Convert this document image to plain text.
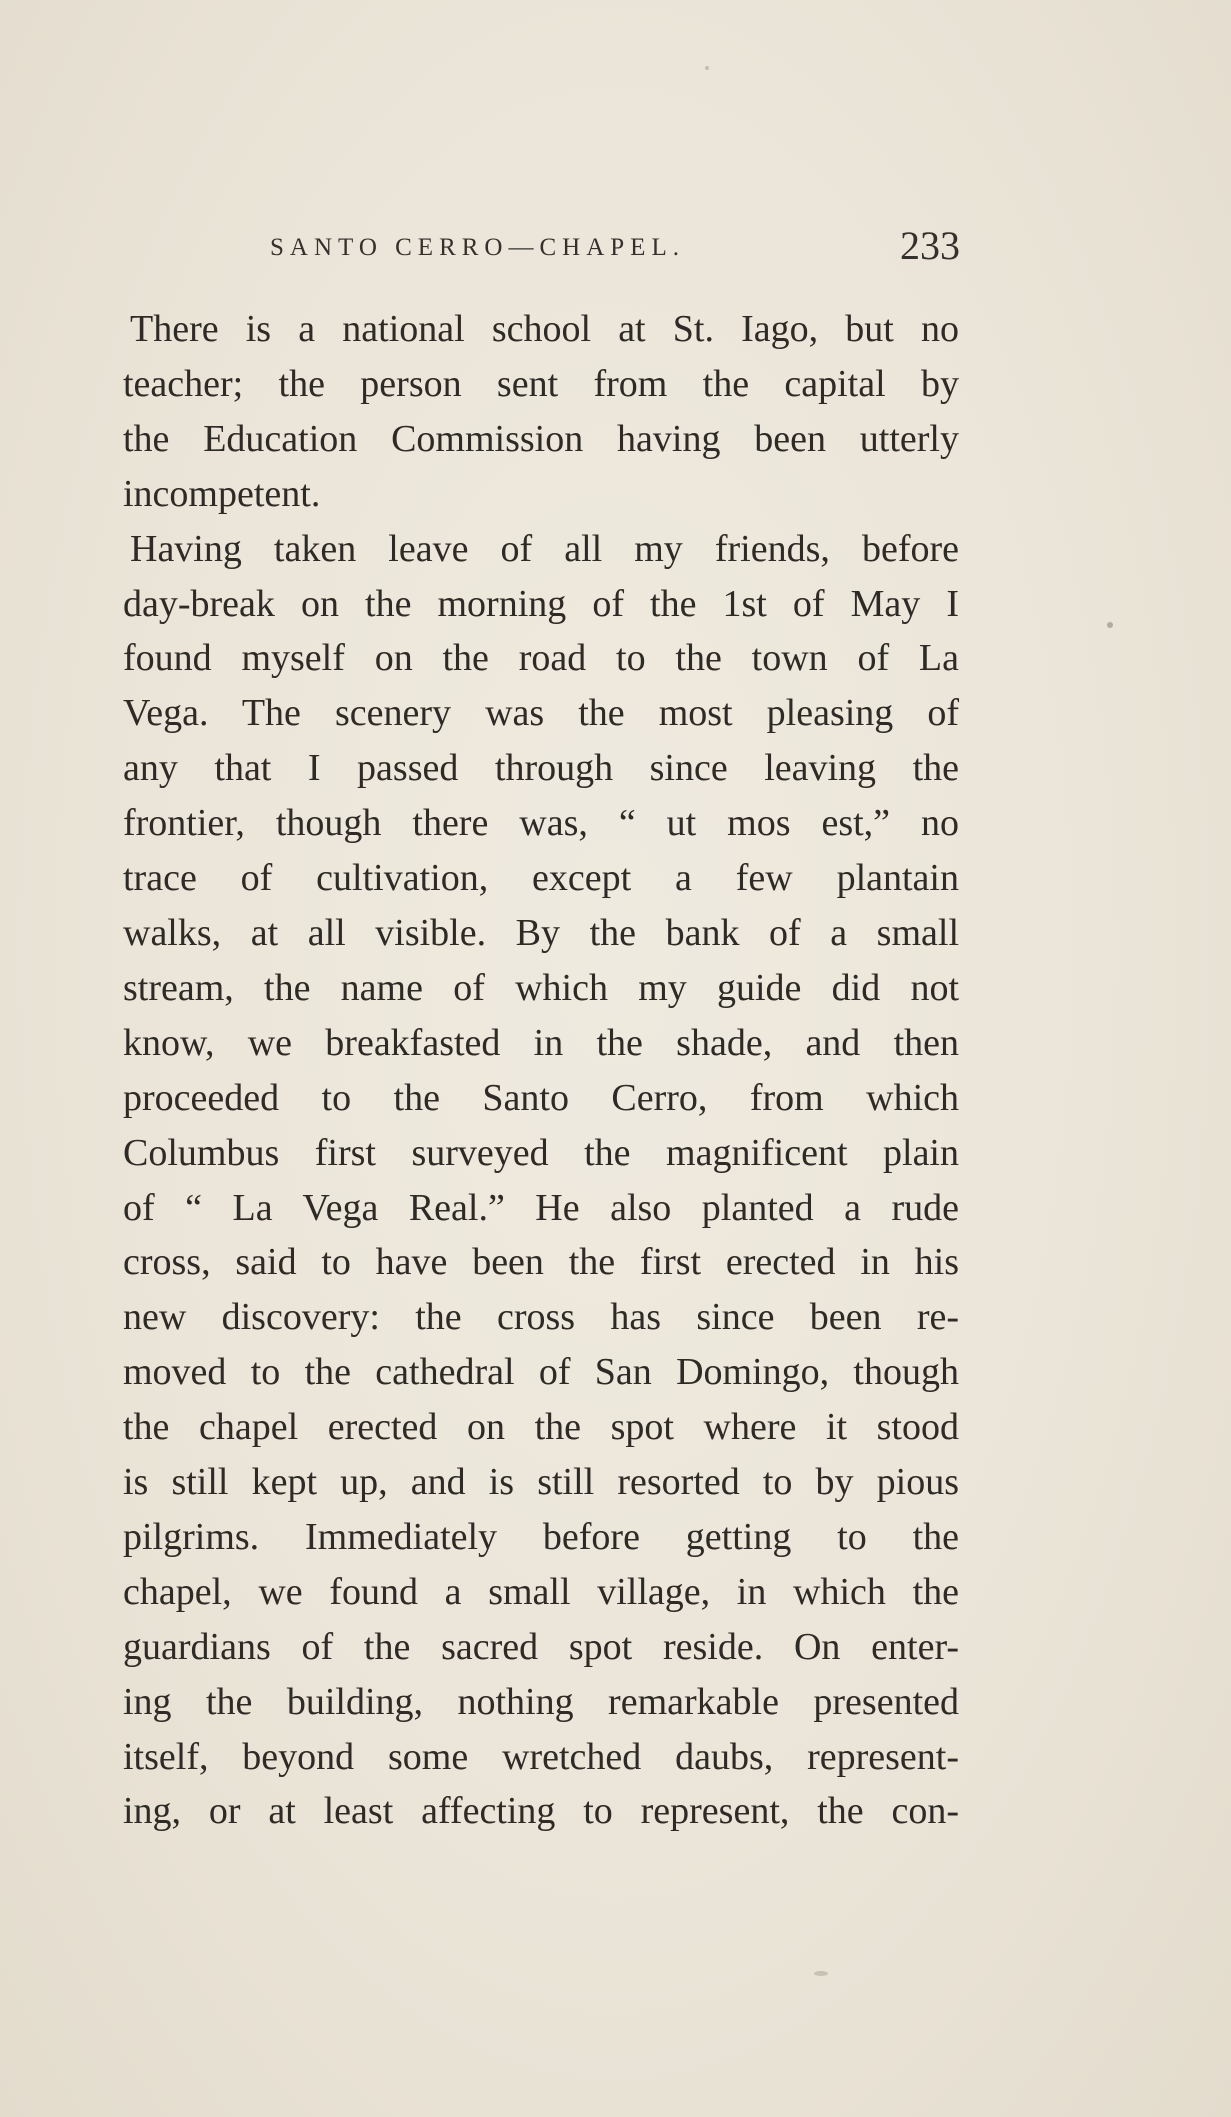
SANTO CERRO—CHAPEL.	233
There is a national school at St. Iago, but no
teacher; the person sent from the capital by
the Education Commission having been utterly
incompetent.
Having taken leave of all my friends, before
day-break on the morning of the 1st of May I
found myself on the road to the town of La
Vega. The scenery was the most pleasing of
any that I passed through since leaving the
frontier, though there was, “ ut mos est,” no
trace of cultivation, except a few plantain
walks, at all visible. By the bank of a small
stream, the name of which my guide did not
know, we breakfasted in the shade, and then
proceeded to the Santo Cerro, from which
Columbus first surveyed the magnificent plain
of “ La Vega Real.” He also planted a rude
cross, said to have been the first erected in his
new discovery: the cross has since been re-
moved to the cathedral of San Domingo, though
the chapel erected on the spot where it stood
is still kept up, and is still resorted to by pious
pilgrims. Immediately before getting to the
chapel, we found a small village, in which the
guardians of the sacred spot reside. On enter-
ing the building, nothing remarkable presented
itself, beyond some wretched daubs, represent-
ing, or at least affecting to represent, the con-
